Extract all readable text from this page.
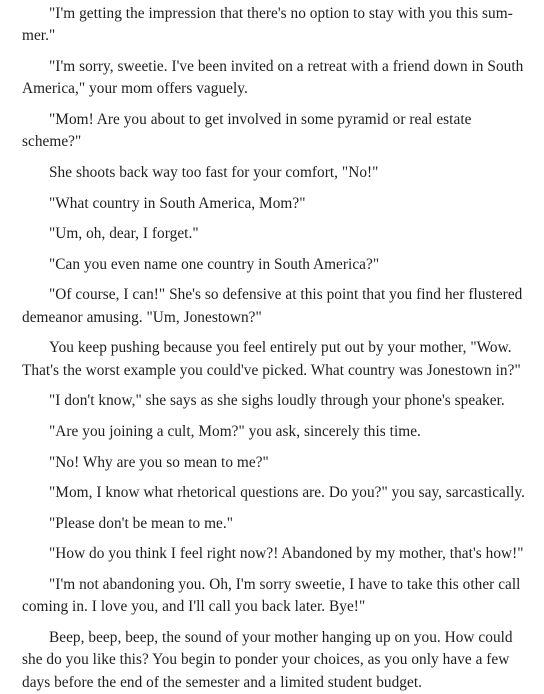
"I'm getting the impression that there's no option to stay with you this sum-mer."

"I'm sorry, sweetie. I've been invited on a retreat with a friend down in South America," your mom offers vaguely.

"Mom! Are you about to get involved in some pyramid or real estate scheme?"

She shoots back way too fast for your comfort, "No!"

"What country in South America, Mom?"

"Um, oh, dear, I forget."

"Can you even name one country in South America?"

"Of course, I can!" She's so defensive at this point that you find her flustered demeanor amusing. "Um, Jonestown?"

You keep pushing because you feel entirely put out by your mother, "Wow. That's the worst example you could've picked. What country was Jonestown in?"

"I don't know," she says as she sighs loudly through your phone's speaker.

"Are you joining a cult, Mom?" you ask, sincerely this time.

"No! Why are you so mean to me?"

"Mom, I know what rhetorical questions are. Do you?" you say, sarcastically.

"Please don't be mean to me."

"How do you think I feel right now?! Abandoned by my mother, that's how!"

"I'm not abandoning you. Oh, I'm sorry sweetie, I have to take this other call coming in. I love you, and I'll call you back later. Bye!"

Beep, beep, beep, the sound of your mother hanging up on you. How could she do you like this? You begin to ponder your choices, as you only have a few days before the end of the semester and a limited student budget.
